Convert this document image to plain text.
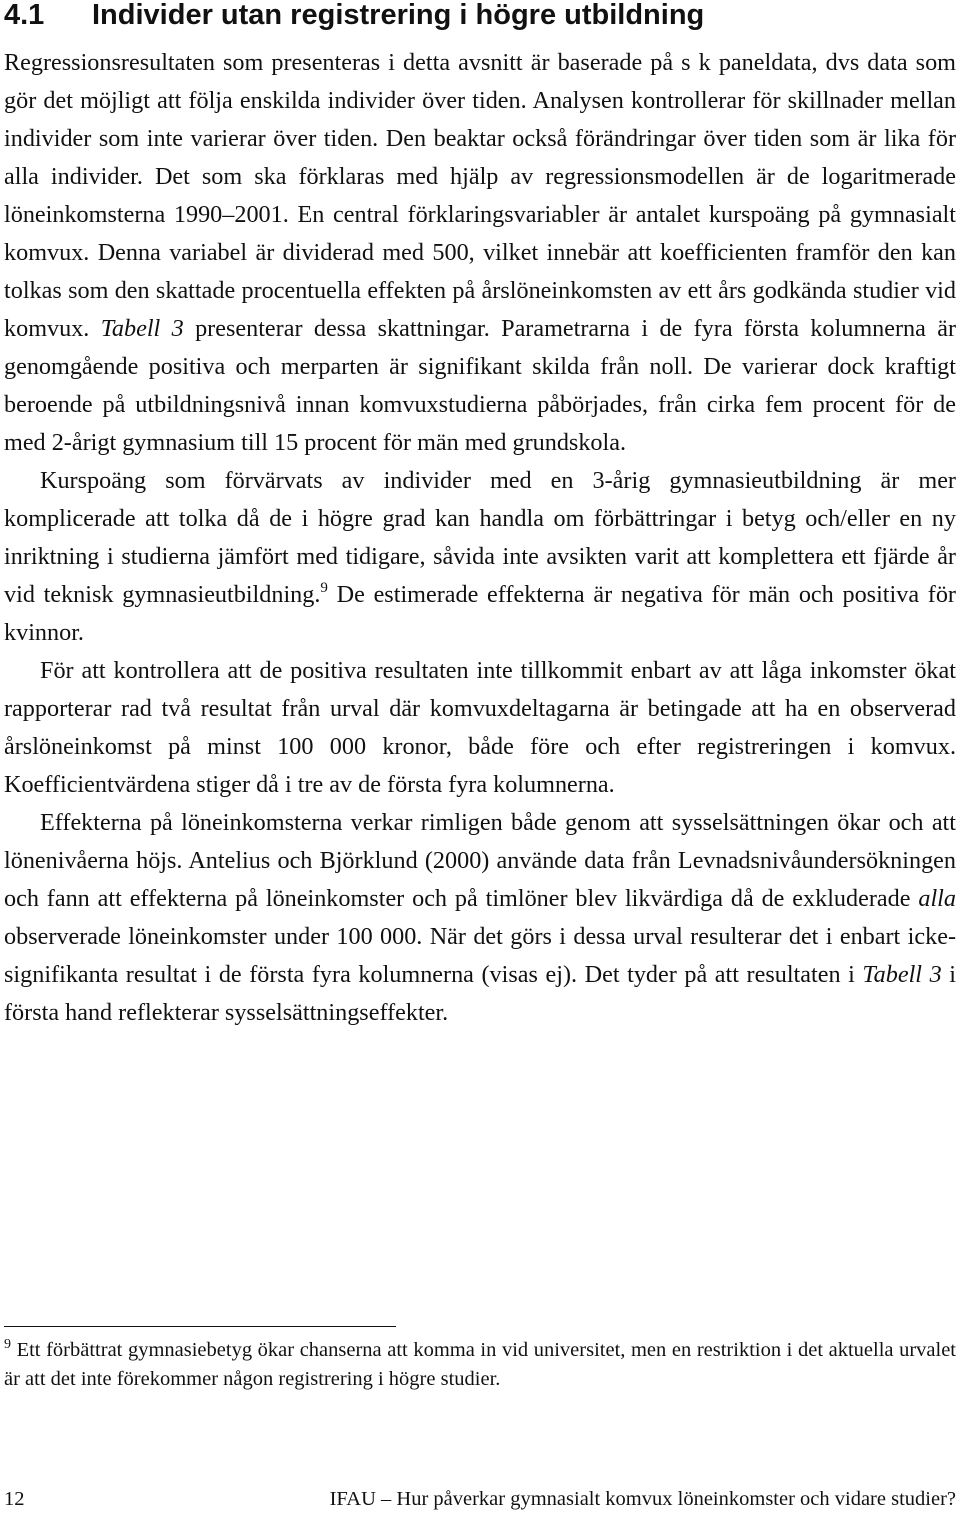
4.1 Individer utan registrering i högre utbildning

Regressionsresultaten som presenteras i detta avsnitt är baserade på s k paneldata, dvs data som gör det möjligt att följa enskilda individer över tiden. Analysen kontrollerar för skillnader mellan individer som inte varierar över tiden. Den beaktar också förändringar över tiden som är lika för alla individer. Det som ska förklaras med hjälp av regressionsmodellen är de logaritmerade löneinkomsterna 1990–2001. En central förklaringsvariabler är antalet kurspoäng på gymnasialt komvux. Denna variabel är dividerad med 500, vilket innebär att koefficienten framför den kan tolkas som den skattade procentuella effekten på årslöneinkomsten av ett års godkända studier vid komvux. Tabell 3 presenterar dessa skattningar. Parametrarna i de fyra första kolumnerna är genomgående positiva och merparten är signifikant skilda från noll. De varierar dock kraftigt beroende på utbildningsnivå innan komvuxstudierna påbörjades, från cirka fem procent för de med 2-årigt gymnasium till 15 procent för män med grundskola.

Kurspoäng som förvärvats av individer med en 3-årig gymnasieutbildning är mer komplicerade att tolka då de i högre grad kan handla om förbättringar i betyg och/eller en ny inriktning i studierna jämfört med tidigare, såvida inte avsikten varit att komplettera ett fjärde år vid teknisk gymnasieutbildning.$^9$ De estimerade effekterna är negativa för män och positiva för kvinnor.

För att kontrollera att de positiva resultaten inte tillkommit enbart av att låga inkomster ökat rapporterar rad två resultat från urval där komvuxdeltagarna är betingade att ha en observerad årslöneinkomst på minst 100 000 kronor, både före och efter registreringen i komvux. Koefficientvärdena stiger då i tre av de första fyra kolumnerna.

Effekterna på löneinkomsterna verkar rimligen både genom att sysselsättningen ökar och att lönenivåerna höjs. Antelius och Björklund (2000) använde data från Levnadsnivåundersökningen och fann att effekterna på löneinkomster och på timlöner blev likvärdiga då de exkluderade alla observerade löneinkomster under 100 000. När det görs i dessa urval resulterar det i enbart ickesignifikanta resultat i de första fyra kolumnerna (visas ej). Det tyder på att resultaten i Tabell 3 i första hand reflekterar sysselsättningseffekter.

$^9$ Ett förbättrat gymnasiebetyg ökar chanserna att komma in vid universitet, men en restriktion i det aktuella urvalet är att det inte förekommer någon registrering i högre studier.

12	IFAU – Hur påverkar gymnasialt komvux löneinkomster och vidare studier?
